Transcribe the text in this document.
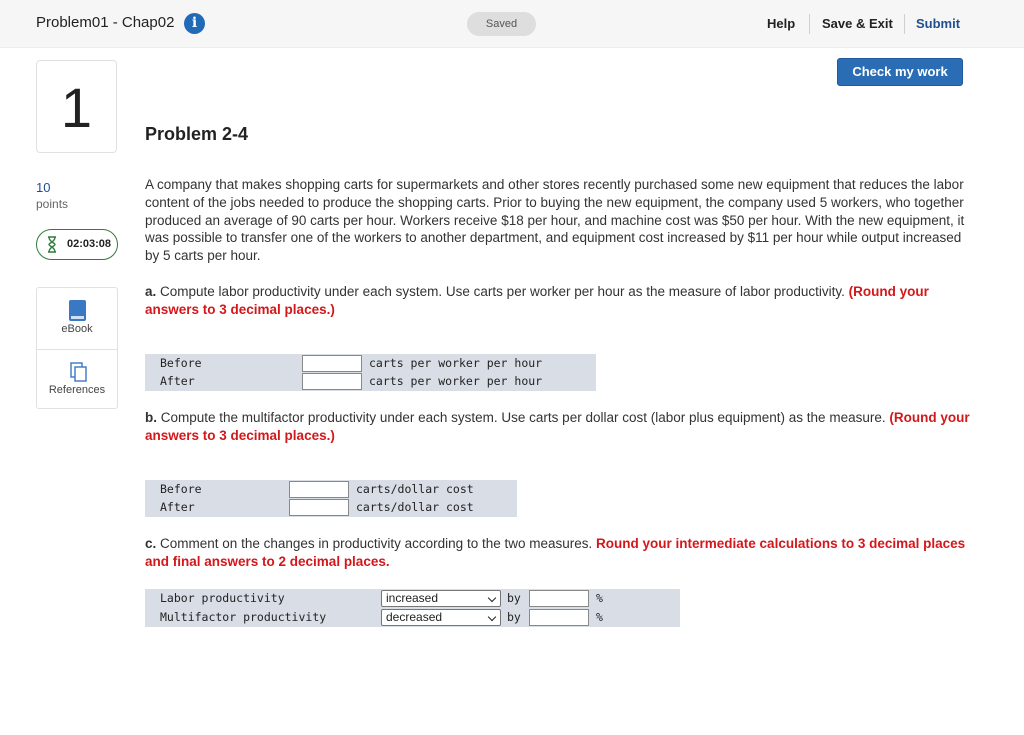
Problem01 - Chap02	i	Saved	Help Save & Exit Submit
1
10
points
02:03:08
eBook
References
Check my work
Problem 2-4
A company that makes shopping carts for supermarkets and other stores recently purchased some new equipment that reduces the labor content of the jobs needed to produce the shopping carts. Prior to buying the new equipment, the company used 5 workers, who together produced an average of 90 carts per hour. Workers receive $18 per hour, and machine cost was $50 per hour. With the new equipment, it was possible to transfer one of the workers to another department, and equipment cost increased by $11 per hour while output increased by 5 carts per hour.
a. Compute labor productivity under each system. Use carts per worker per hour as the measure of labor productivity. (Round your answers to 3 decimal places.)
Before	carts per worker per hour
After	carts per worker per hour
b. Compute the multifactor productivity under each system. Use carts per dollar cost (labor plus equipment) as the measure. (Round your answers to 3 decimal places.)
Before	carts/dollar cost
After	carts/dollar cost
c. Comment on the changes in productivity according to the two measures. Round your intermediate calculations to 3 decimal places and final answers to 2 decimal places.
Labor productivity	increased	by	%
Multifactor productivity	decreased	by	%
